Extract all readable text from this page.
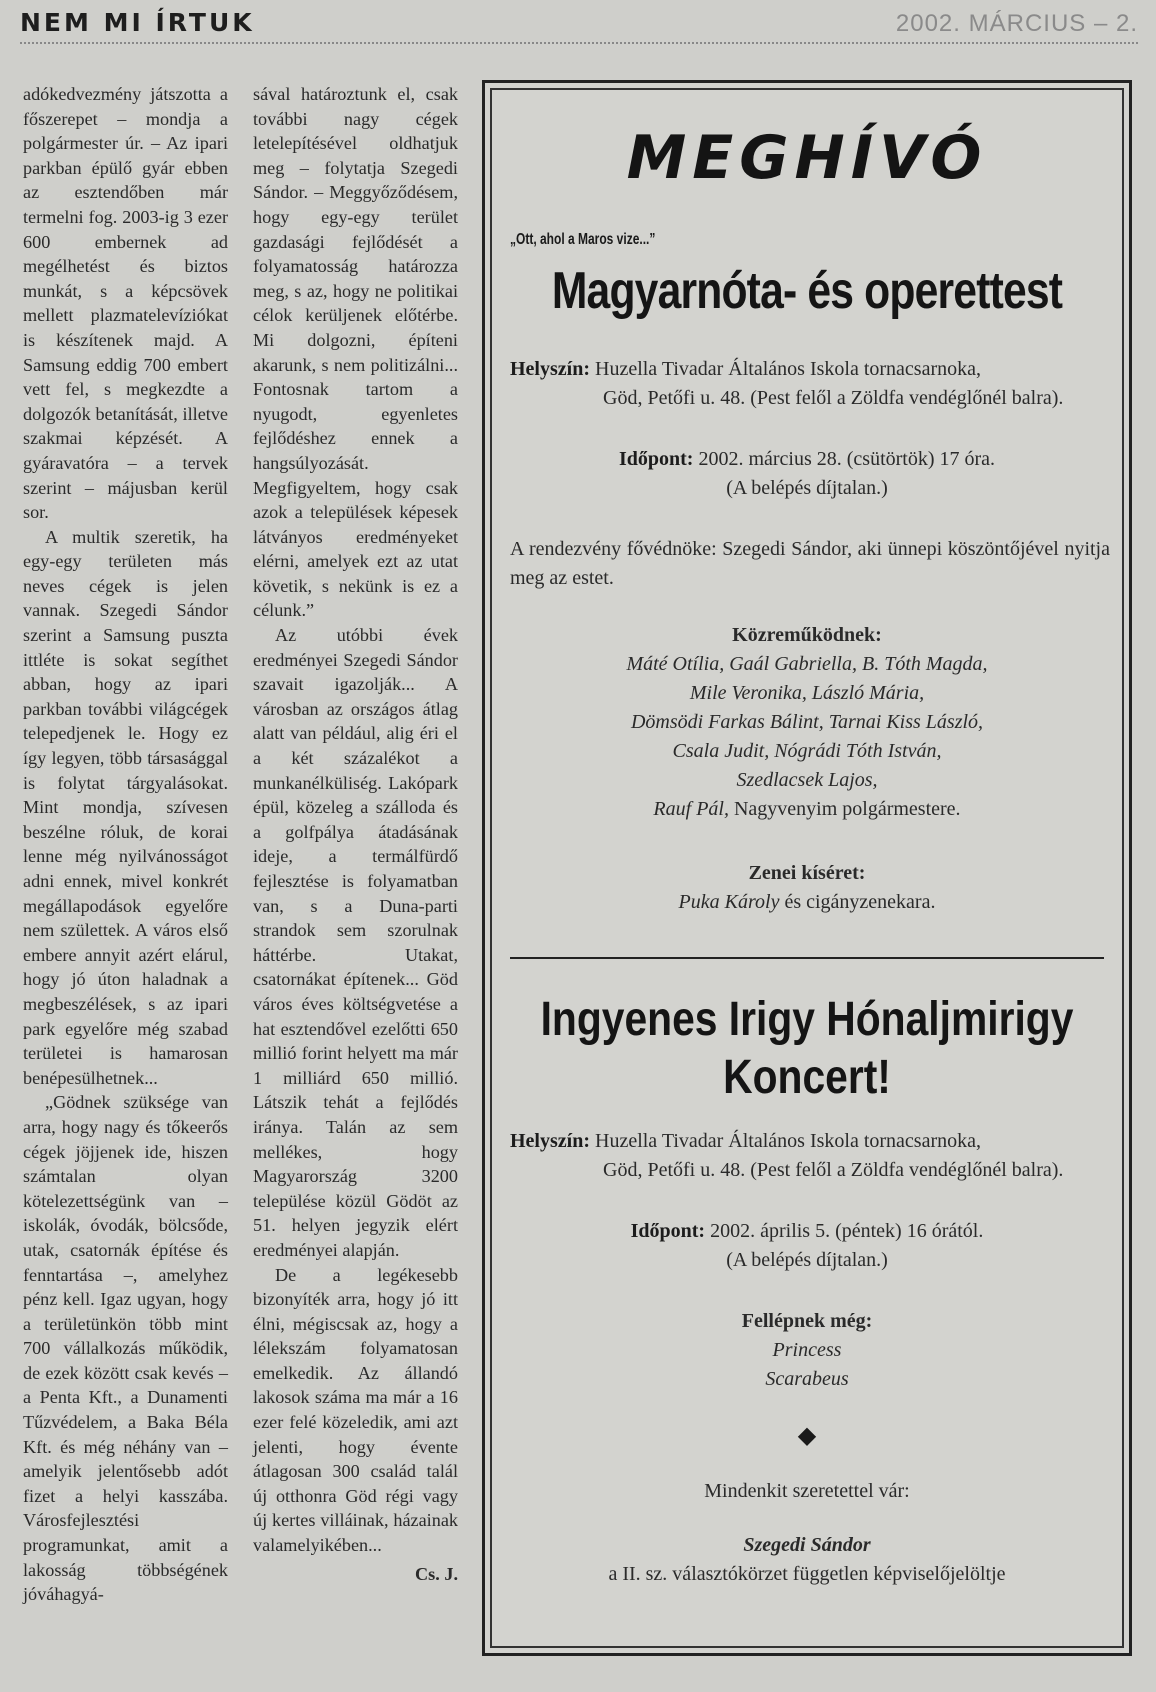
NEM MI ÍRTUK	2002. MÁRCIUS – 2.

adókedvezmény játszotta a főszerepet – mondja a polgármester úr. – Az ipari parkban épülő gyár ebben az esztendőben már termelni fog. 2003-ig 3 ezer 600 embernek ad megélhetést és biztos munkát, s a képcsövek mellett plazmatelevíziókat is készítenek majd. A Samsung eddig 700 embert vett fel, s megkezdte a dolgozók betanítását, illetve szakmai képzését. A gyáravatóra – a tervek szerint – májusban kerül sor.

A multik szeretik, ha egy-egy területen más neves cégek is jelen vannak. Szegedi Sándor szerint a Samsung puszta ittléte is sokat segíthet abban, hogy az ipari parkban további világcégek telepedjenek le. Hogy ez így legyen, több társasággal is folytat tárgyalásokat. Mint mondja, szívesen beszélne róluk, de korai lenne még nyilvánosságot adni ennek, mivel konkrét megállapodások egyelőre nem születtek. A város első embere annyit azért elárul, hogy jó úton haladnak a megbeszélések, s az ipari park egyelőre még szabad területei is hamarosan benépesülhetnek...

„Gödnek szüksége van arra, hogy nagy és tőkeerős cégek jöjjenek ide, hiszen számtalan olyan kötelezettségünk van – iskolák, óvodák, bölcsőde, utak, csatornák építése és fenntartása –, amelyhez pénz kell. Igaz ugyan, hogy a területünkön több mint 700 vállalkozás működik, de ezek között csak kevés – a Penta Kft., a Dunamenti Tűzvédelem, a Baka Béla Kft. és még néhány van – amelyik jelentősebb adót fizet a helyi kasszába. Városfejlesztési programunkat, amit a lakosság többségének jóváhagyá-

sával határoztunk el, csak további nagy cégek letelepítésével oldhatjuk meg – folytatja Szegedi Sándor. – Meggyőződésem, hogy egy-egy terület gazdasági fejlődését a folyamatosság határozza meg, s az, hogy ne politikai célok kerüljenek előtérbe. Mi dolgozni, építeni akarunk, s nem politizálni... Fontosnak tartom a nyugodt, egyenletes fejlődéshez ennek a hangsúlyozását. Megfigyeltem, hogy csak azok a települések képesek látványos eredményeket elérni, amelyek ezt az utat követik, s nekünk is ez a célunk.”

Az utóbbi évek eredményei Szegedi Sándor szavait igazolják... A városban az országos átlag alatt van például, alig éri el a két százalékot a munkanélküliség. Lakópark épül, közeleg a szálloda és a golfpálya átadásának ideje, a termálfürdő fejlesztése is folyamatban van, s a Duna-parti strandok sem szorulnak háttérbe. Utakat, csatornákat építenek... Göd város éves költségvetése a hat esztendővel ezelőtti 650 millió forint helyett ma már 1 milliárd 650 millió. Látszik tehát a fejlődés iránya. Talán az sem mellékes, hogy Magyarország 3200 települése közül Gödöt az 51. helyen jegyzik elért eredményei alapján.

De a legékesebb bizonyíték arra, hogy jó itt élni, mégiscsak az, hogy a lélekszám folyamatosan emelkedik. Az állandó lakosok száma ma már a 16 ezer felé közeledik, ami azt jelenti, hogy évente átlagosan 300 család talál új otthonra Göd régi vagy új kertes villáinak, házainak valamelyikében...

Cs. J.
MEGHÍVÓ
„Ott, ahol a Maros vize...”
Magyarnóta- és operettest
Helyszín: Huzella Tivadar Általános Iskola tornacsarnoka,
Göd, Petőfi u. 48. (Pest felől a Zöldfa vendéglőnél balra).
Időpont: 2002. március 28. (csütörtök) 17 óra.
(A belépés díjtalan.)
A rendezvény fővédnöke: Szegedi Sándor, aki ünnepi köszöntőjével nyitja meg az estet.
Közreműködnek:
Máté Otília, Gaál Gabriella, B. Tóth Magda,
Mile Veronika, László Mária,
Dömsödi Farkas Bálint, Tarnai Kiss László,
Csala Judit, Nógrádi Tóth István,
Szedlacsek Lajos,
Rauf Pál, Nagyvenyim polgármestere.
Zenei kíséret:
Puka Károly és cigányzenekara.
Ingyenes Irigy Hónaljmirigy
Koncert!
Helyszín: Huzella Tivadar Általános Iskola tornacsarnoka,
Göd, Petőfi u. 48. (Pest felől a Zöldfa vendéglőnél balra).
Időpont: 2002. április 5. (péntek) 16 órától.
(A belépés díjtalan.)
Fellépnek még:
Princess
Scarabeus
◆
Mindenkit szeretettel vár:
Szegedi Sándor
a II. sz. választókörzet független képviselőjelöltje
